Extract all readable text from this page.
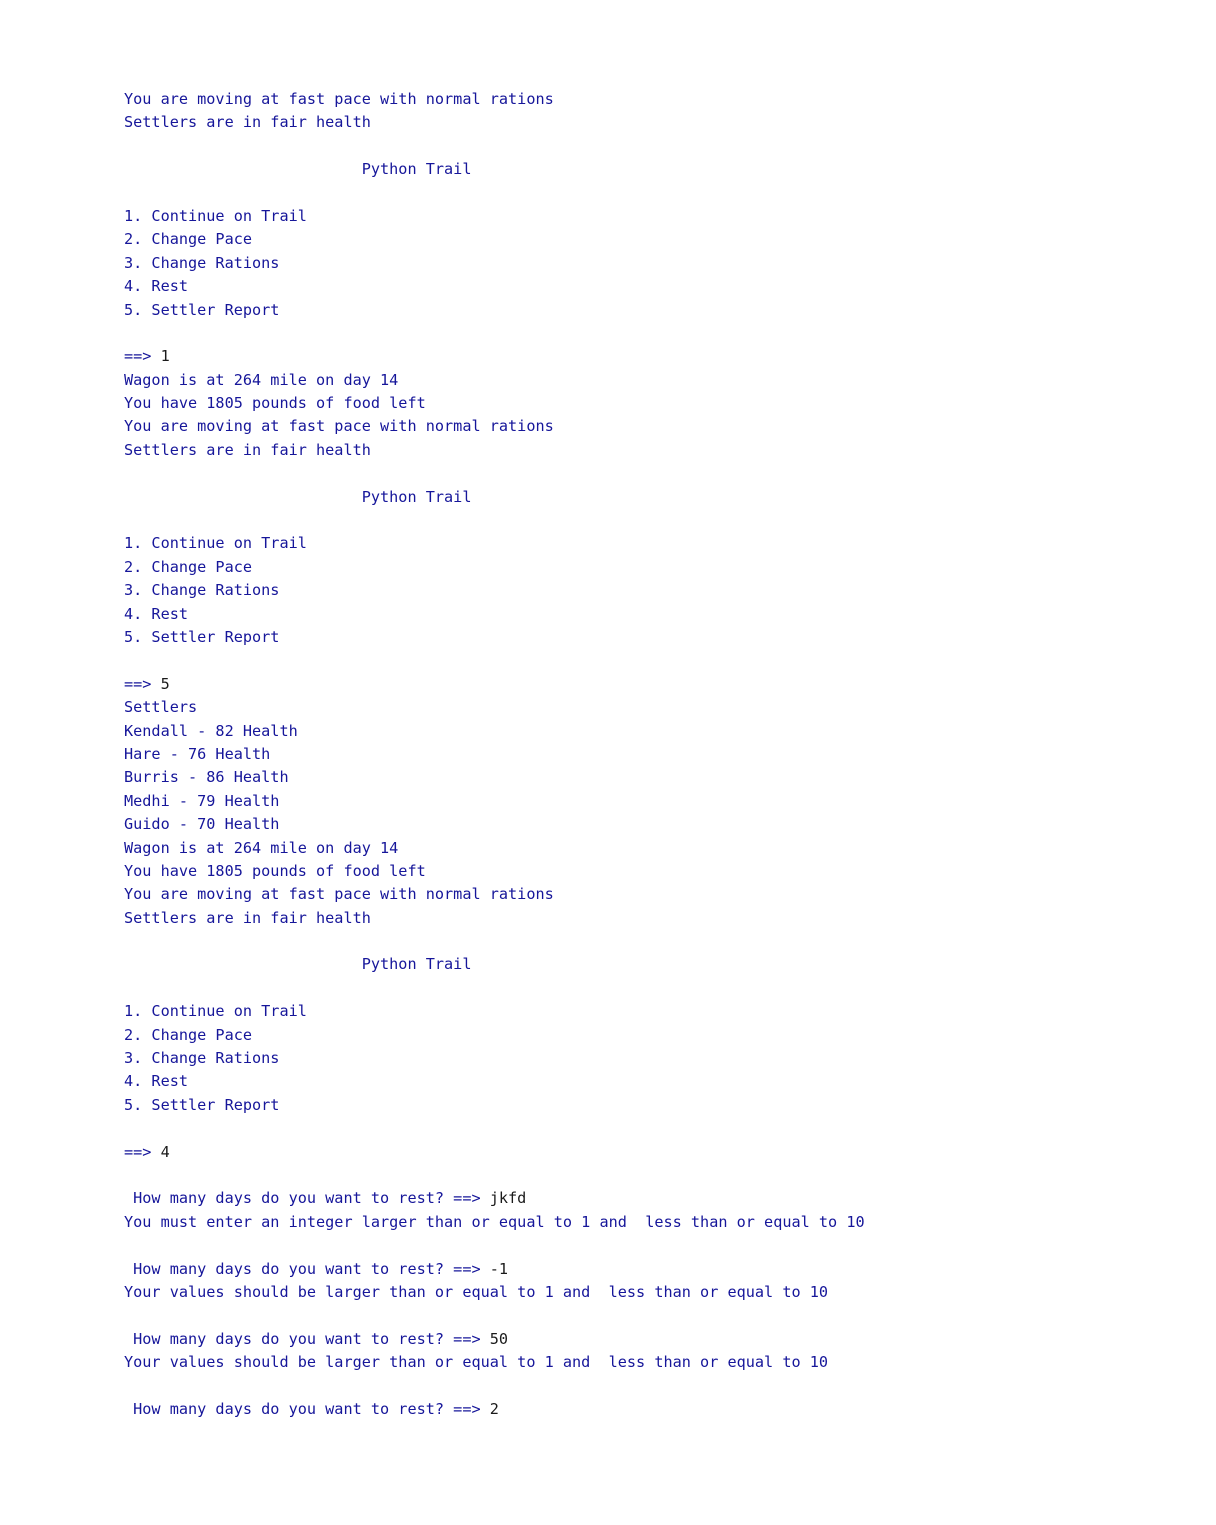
You are moving at fast pace with normal rations
Settlers are in fair health
Python Trail
1. Continue on Trail
2. Change Pace
3. Change Rations
4. Rest
5. Settler Report
==> 1
Wagon is at 264 mile on day 14
You have 1805 pounds of food left
You are moving at fast pace with normal rations
Settlers are in fair health
Python Trail
1. Continue on Trail
2. Change Pace
3. Change Rations
4. Rest
5. Settler Report
==> 5
Settlers
Kendall - 82 Health
Hare - 76 Health
Burris - 86 Health
Medhi - 79 Health
Guido - 70 Health
Wagon is at 264 mile on day 14
You have 1805 pounds of food left
You are moving at fast pace with normal rations
Settlers are in fair health
Python Trail
1. Continue on Trail
2. Change Pace
3. Change Rations
4. Rest
5. Settler Report
==> 4
How many days do you want to rest? ==> jkfd
You must enter an integer larger than or equal to 1 and  less than or equal to 10
How many days do you want to rest? ==> -1
Your values should be larger than or equal to 1 and  less than or equal to 10
How many days do you want to rest? ==> 50
Your values should be larger than or equal to 1 and  less than or equal to 10
How many days do you want to rest? ==> 2
